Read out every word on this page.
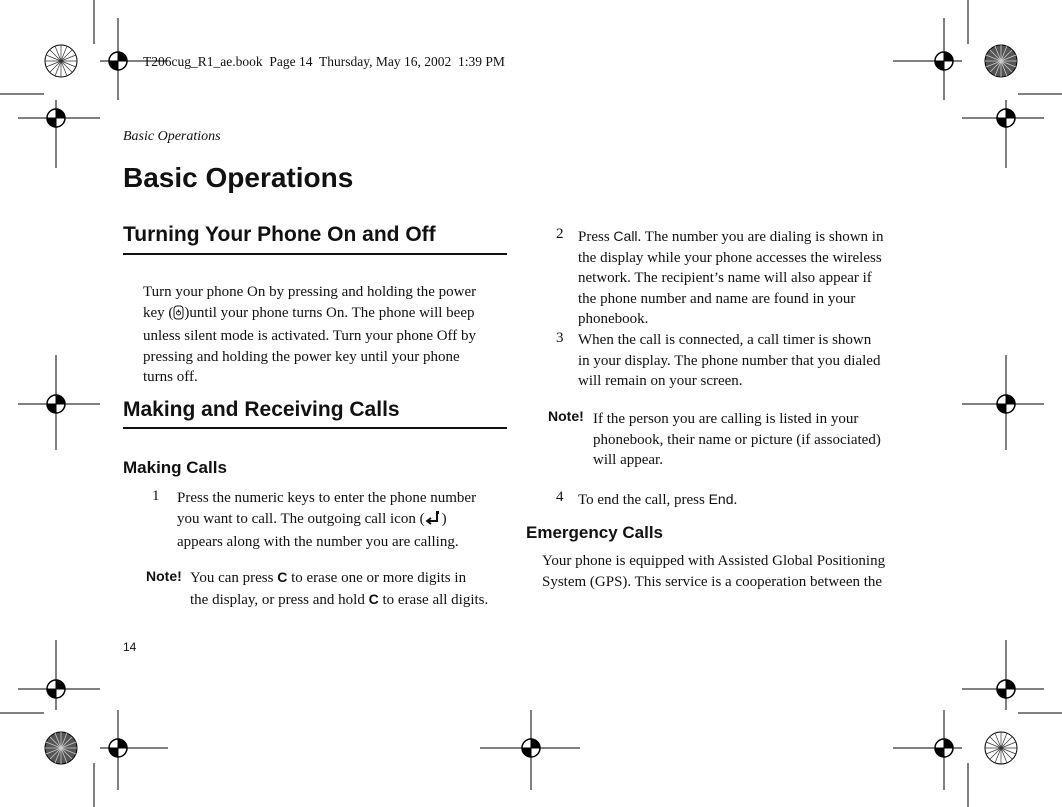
T206cug_R1_ae.book  Page 14  Thursday, May 16, 2002  1:39 PM
Basic Operations
Basic Operations
Turning Your Phone On and Off
Turn your phone On by pressing and holding the power
key ( )until your phone turns On. The phone will beep
unless silent mode is activated. Turn your phone Off by
pressing and holding the power key until your phone
turns off.
Making and Receiving Calls
Making Calls
1 Press the numeric keys to enter the phone number
you want to call. The outgoing call icon ( )
appears along with the number you are calling.
Note! You can press C to erase one or more digits in
the display, or press and hold C to erase all digits.
2 Press Call. The number you are dialing is shown in
the display while your phone accesses the wireless
network. The recipient’s name will also appear if
the phone number and name are found in your
phonebook.
3 When the call is connected, a call timer is shown
in your display. The phone number that you dialed
will remain on your screen.
Note! If the person you are calling is listed in your
phonebook, their name or picture (if associated)
will appear.
4 To end the call, press End.
Emergency Calls
Your phone is equipped with Assisted Global Positioning
System (GPS). This service is a cooperation between the
14
